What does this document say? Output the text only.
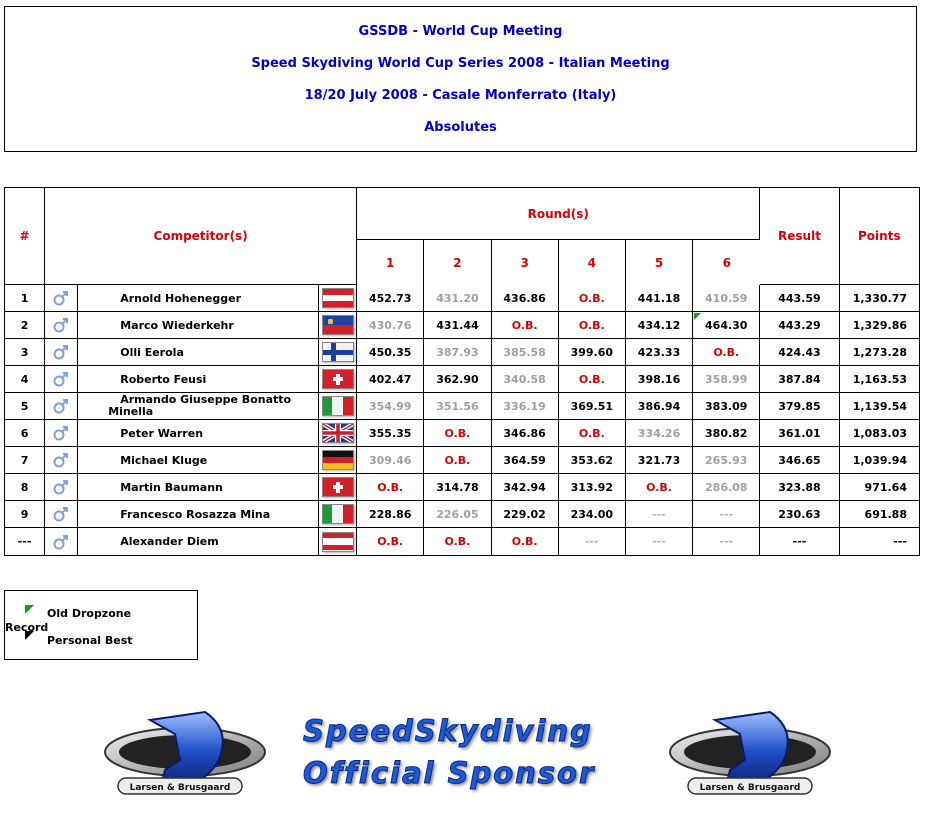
GSSDB - World Cup Meeting
Speed Skydiving World Cup Series 2008 - Italian Meeting
18/20 July 2008 - Casale Monferrato (Italy)
Absolutes
#	Competitor(s)			Round(s)						Result	Points
				1	2	3	4	5	6		
1		Arnold Hohenegger		452.73	431.20	436.86	O.B.	441.18	410.59	443.59	1,330.77
2		Marco Wiederkehr		430.76	431.44	O.B.	O.B.	434.12	464.30	443.29	1,329.86
3		Olli Eerola		450.35	387.93	385.58	399.60	423.33	O.B.	424.43	1,273.28
4		Roberto Feusi		402.47	362.90	340.58	O.B.	398.16	358.99	387.84	1,163.53
5		Armando Giuseppe Bonatto Minella		354.99	351.56	336.19	369.51	386.94	383.09	379.85	1,139.54
6		Peter Warren		355.35	O.B.	346.86	O.B.	334.26	380.82	361.01	1,083.03
7		Michael Kluge		309.46	O.B.	364.59	353.62	321.73	265.93	346.65	1,039.94
8		Martin Baumann		O.B.	314.78	342.94	313.92	O.B.	286.08	323.88	971.64
9		Francesco Rosazza Mina		228.86	226.05	229.02	234.00	---	---	230.63	691.88
---		Alexander Diem		O.B.	O.B.	O.B.	---	---	---	---	---
Old Dropzone
Record
Personal Best
Larsen & Brusgaard	Larsen & Brusgaard
SpeedSkydiving
Official Sponsor
